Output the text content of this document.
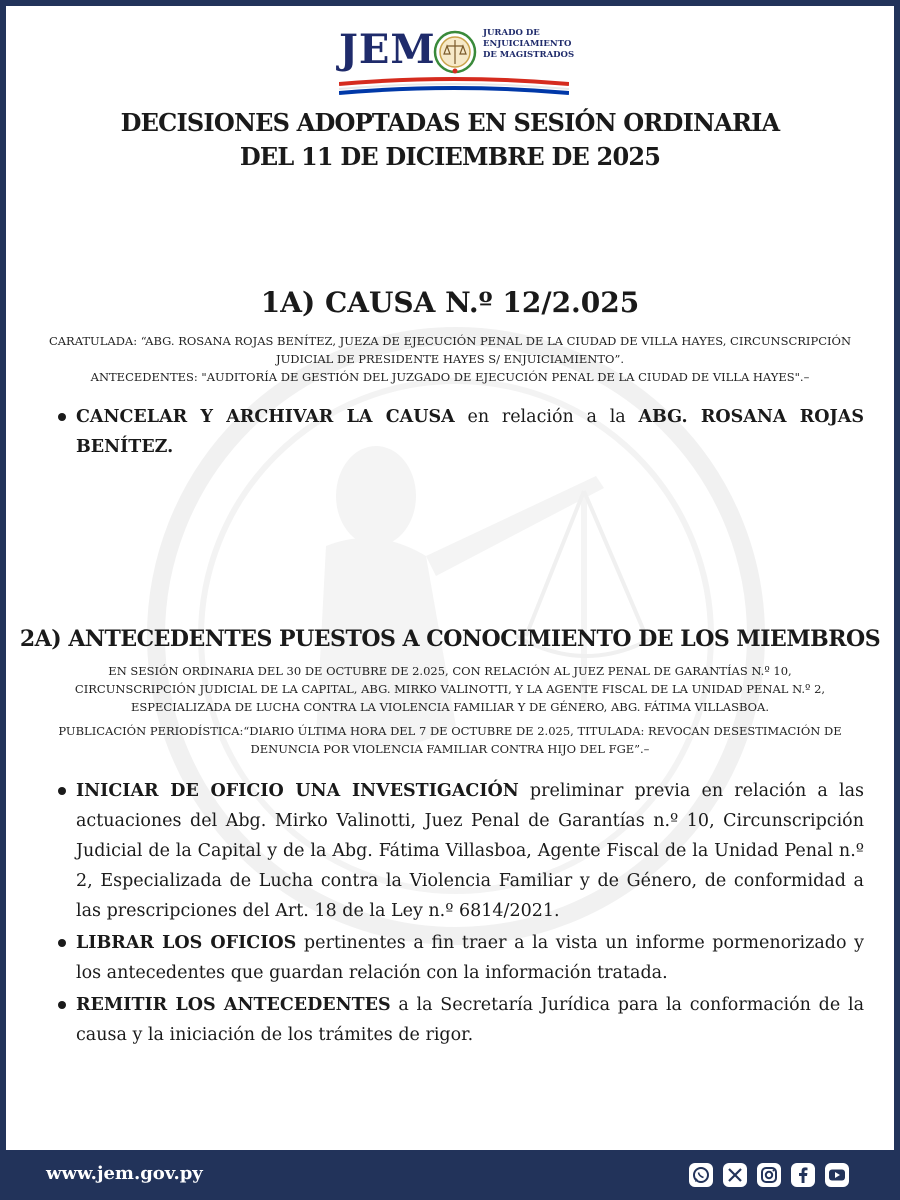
JEM	JURADO DE
ENJUICIAMIENTO
DE MAGISTRADOS
DECISIONES ADOPTADAS EN SESIÓN ORDINARIA
DEL 11 DE DICIEMBRE DE 2025
1A) CAUSA N.º 12/2.025

CARATULADA: “ABG. ROSANA ROJAS BENÍTEZ, JUEZA DE EJECUCIÓN PENAL DE LA CIUDAD DE VILLA HAYES, CIRCUNSCRIPCIÓN JUDICIAL DE PRESIDENTE HAYES S/ ENJUICIAMIENTO”.

ANTECEDENTES: "AUDITORÍA DE GESTIÓN DEL JUZGADO DE EJECUCIÓN PENAL DE LA CIUDAD DE VILLA HAYES".–

CANCELAR Y ARCHIVAR LA CAUSA en relación a la ABG. ROSANA ROJAS BENÍTEZ.
2A) ANTECEDENTES PUESTOS A CONOCIMIENTO DE LOS MIEMBROS

EN SESIÓN ORDINARIA DEL 30 DE OCTUBRE DE 2.025, CON RELACIÓN AL JUEZ PENAL DE GARANTÍAS N.º 10, CIRCUNSCRIPCIÓN JUDICIAL DE LA CAPITAL, ABG. MIRKO VALINOTTI, Y LA AGENTE FISCAL DE LA UNIDAD PENAL N.º 2, ESPECIALIZADA DE LUCHA CONTRA LA VIOLENCIA FAMILIAR Y DE GÉNERO, ABG. FÁTIMA VILLASBOA.

PUBLICACIÓN PERIODÍSTICA:“DIARIO ÚLTIMA HORA DEL 7 DE OCTUBRE DE 2.025, TITULADA: REVOCAN DESESTIMACIÓN DE DENUNCIA POR VIOLENCIA FAMILIAR CONTRA HIJO DEL FGE”.–

INICIAR DE OFICIO UNA INVESTIGACIÓN preliminar previa en relación a las actuaciones del Abg. Mirko Valinotti, Juez Penal de Garantías n.º 10, Circunscripción Judicial de la Capital y de la Abg. Fátima Villasboa, Agente Fiscal de la Unidad Penal n.º 2, Especializada de Lucha contra la Violencia Familiar y de Género, de conformidad a las prescripciones del Art. 18 de la Ley n.º 6814/2021.
LIBRAR LOS OFICIOS pertinentes a fin traer a la vista un informe pormenorizado y los antecedentes que guardan relación con la información tratada.
REMITIR LOS ANTECEDENTES a la Secretaría Jurídica para la conformación de la causa y la iniciación de los trámites de rigor.
www.jem.gov.py
